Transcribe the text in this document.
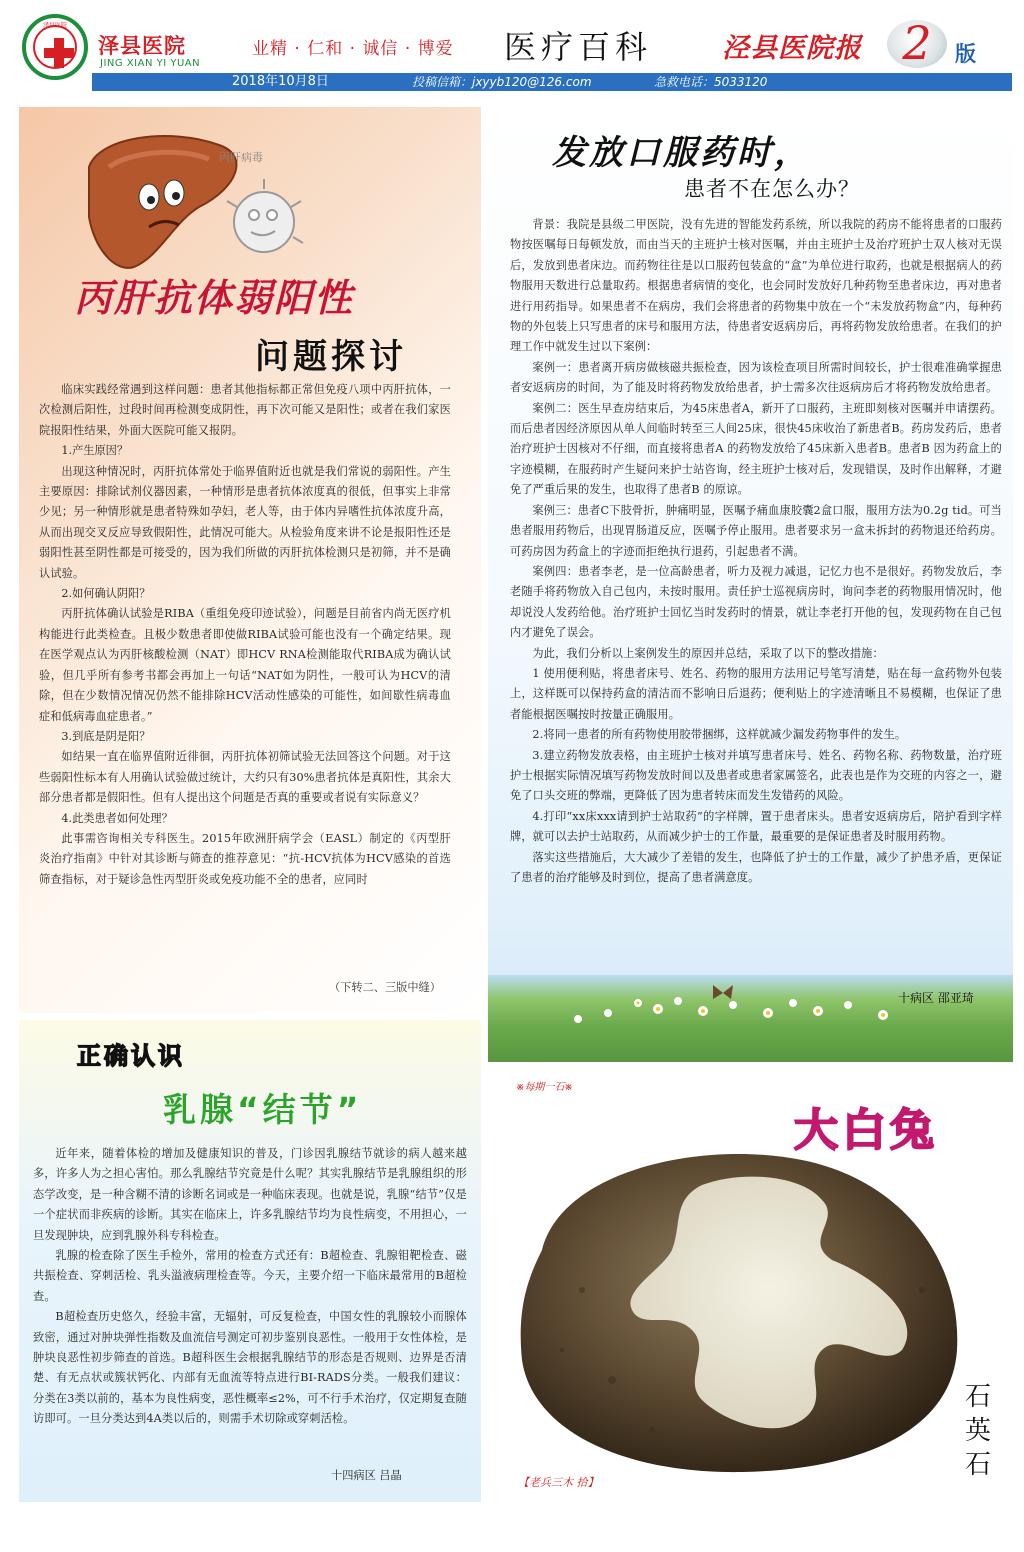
泽县医院
泽县医院
JING XIAN YI YUAN
业精 · 仁和 · 诚信 · 博爱 医疗百科	泾县医院报 2	版
2018年10月8日	投稿信箱：jxyyb120@126.com	急救电话：5033120
丙肝病毒
丙肝抗体弱阳性
问题探讨

临床实践经常遇到这样问题：患者其他指标都正常但免疫八项中丙肝抗体，一次检测后阳性，过段时间再检测变成阴性，再下次可能又是阳性；或者在我们家医院报阳性结果，外面大医院可能又报阴。

1.产生原因？

出现这种情况时，丙肝抗体常处于临界值附近也就是我们常说的弱阳性。产生主要原因：排除试剂仪器因素，一种情形是患者抗体浓度真的很低，但事实上非常少见；另一种情形就是患者特殊如孕妇，老人等，由于体内异嗜性抗体浓度升高，从而出现交叉反应导致假阳性，此情况可能大。从检验角度来讲不论是报阳性还是弱阳性甚至阴性都是可接受的，因为我们所做的丙肝抗体检测只是初筛，并不是确认试验。

2.如何确认阴阳？

丙肝抗体确认试验是RIBA（重组免疫印迹试验），问题是目前省内尚无医疗机构能进行此类检查。且极少数患者即使做RIBA试验可能也没有一个确定结果。现在医学观点认为丙肝核酸检测（NAT）即HCV RNA检测能取代RIBA成为确认试验，但几乎所有参考书都会再加上一句话“NAT如为阴性，一般可认为HCV的清除，但在少数情况情况仍然不能排除HCV活动性感染的可能性，如间歇性病毒血症和低病毒血症患者。”

3.到底是阴是阳？

如结果一直在临界值附近徘徊，丙肝抗体初筛试验无法回答这个问题。对于这些弱阳性标本有人用确认试验做过统计，大约只有30%患者抗体是真阳性，其余大部分患者都是假阳性。但有人提出这个问题是否真的重要或者说有实际意义？

4.此类患者如何处理？

此事需咨询相关专科医生。2015年欧洲肝病学会（EASL）制定的《丙型肝炎治疗指南》中针对其诊断与筛查的推荐意见：“抗-HCV抗体为HCV感染的首选筛查指标，对于疑诊急性丙型肝炎或免疫功能不全的患者，应同时

（下转二、三版中缝）
发放口服药时，
患者不在怎么办？

背景：我院是县级二甲医院，没有先进的智能发药系统，所以我院的药房不能将患者的口服药物按医嘱每日每顿发放，而由当天的主班护士核对医嘱，并由主班护士及治疗班护士双人核对无误后，发放到患者床边。而药物往往是以口服药包装盒的“盒”为单位进行取药，也就是根据病人的药物服用天数进行总量取药。根据患者病情的变化，也会同时发放好几种药物至患者床边，再对患者进行用药指导。如果患者不在病房，我们会将患者的药物集中放在一个“未发放药物盒”内，每种药物的外包装上只写患者的床号和服用方法，待患者安返病房后，再将药物发放给患者。在我们的护理工作中就发生过以下案例：

案例一：患者离开病房做核磁共振检查，因为该检查项目所需时间较长，护士很难准确掌握患者安返病房的时间，为了能及时将药物发放给患者，护士需多次往返病房后才将药物发放给患者。

案例二：医生早查房结束后，为45床患者A，新开了口服药，主班即刻核对医嘱并申请摆药。而后患者因经济原因从单人间临时转至三人间25床，很快45床收治了新患者B。药房发药后，患者治疗班护士因核对不仔细，而直接将患者A 的药物发放给了45床新入患者B。患者B 因为药盒上的字迹模糊，在服药时产生疑问来护士站咨询，经主班护士核对后，发现错误，及时作出解释，才避免了严重后果的发生，也取得了患者B 的原谅。

案例三：患者C下肢骨折，肿痛明显，医嘱予痛血康胶囊2盒口服，服用方法为0.2g tid。可当患者服用药物后，出现胃肠道反应，医嘱予停止服用。患者要求另一盒未拆封的药物退还给药房。可药房因为药盒上的字迹而拒绝执行退药，引起患者不满。

案例四：患者李老，是一位高龄患者，听力及视力减退，记忆力也不是很好。药物发放后，李老随手将药物放入自己包内，未按时服用。责任护士巡视病房时，询问李老的药物服用情况时，他却说没人发药给他。治疗班护士回忆当时发药时的情景，就让李老打开他的包，发现药物在自己包内才避免了误会。

为此，我们分析以上案例发生的原因并总结，采取了以下的整改措施：

1 使用便利贴，将患者床号、姓名、药物的服用方法用记号笔写清楚，贴在每一盒药物外包装上，这样既可以保持药盒的清洁而不影响日后退药；便利贴上的字迹清晰且不易模糊，也保证了患者能根据医嘱按时按量正确服用。

2.将同一患者的所有药物使用胶带捆绑，这样就减少漏发药物事件的发生。

3.建立药物发放表格，由主班护士核对并填写患者床号、姓名、药物名称、药物数量，治疗班护士根据实际情况填写药物发放时间以及患者或患者家属签名，此表也是作为交班的内容之一，避免了口头交班的弊端，更降低了因为患者转床而发生发错药的风险。

4.打印“xx床xxx请到护士站取药”的字样牌，置于患者床头。患者安返病房后，陪护看到字样牌，就可以去护士站取药，从而减少护士的工作量，最重要的是保证患者及时服用药物。

落实这些措施后，大大减少了差错的发生，也降低了护士的工作量，减少了护患矛盾，更保证了患者的治疗能够及时到位，提高了患者满意度。

十病区 邵亚琦
正确认识
乳腺“结节”

近年来，随着体检的增加及健康知识的普及，门诊因乳腺结节就诊的病人越来越多，许多人为之担心害怕。那么乳腺结节究竟是什么呢？其实乳腺结节是乳腺组织的形态学改变，是一种含糊不清的诊断名词或是一种临床表现。也就是说，乳腺“结节”仅是一个症状而非疾病的诊断。其实在临床上，许多乳腺结节均为良性病变，不用担心，一旦发现肿块，应到乳腺外科专科检查。

乳腺的检查除了医生手检外，常用的检查方式还有：B超检查、乳腺钼靶检查、磁共振检查、穿刺活检、乳头溢液病理检查等。今天，主要介绍一下临床最常用的B超检查。

B超检查历史悠久，经验丰富，无辐射，可反复检查，中国女性的乳腺较小而腺体致密，通过对肿块弹性指数及血流信号测定可初步鉴别良恶性。一般用于女性体检，是肿块良恶性初步筛查的首选。B超科医生会根据乳腺结节的形态是否规则、边界是否清楚、有无点状或簇状钙化、内部有无血流等特点进行BI-RADS分类。一般我们建议：分类在3类以前的，基本为良性病变，恶性概率≤2%，可不行手术治疗，仅定期复查随访即可。一旦分类达到4A类以后的，则需手术切除或穿刺活检。

十四病区 吕晶
※每期一石※
大白兔
石英石
【老兵三木 拾】
